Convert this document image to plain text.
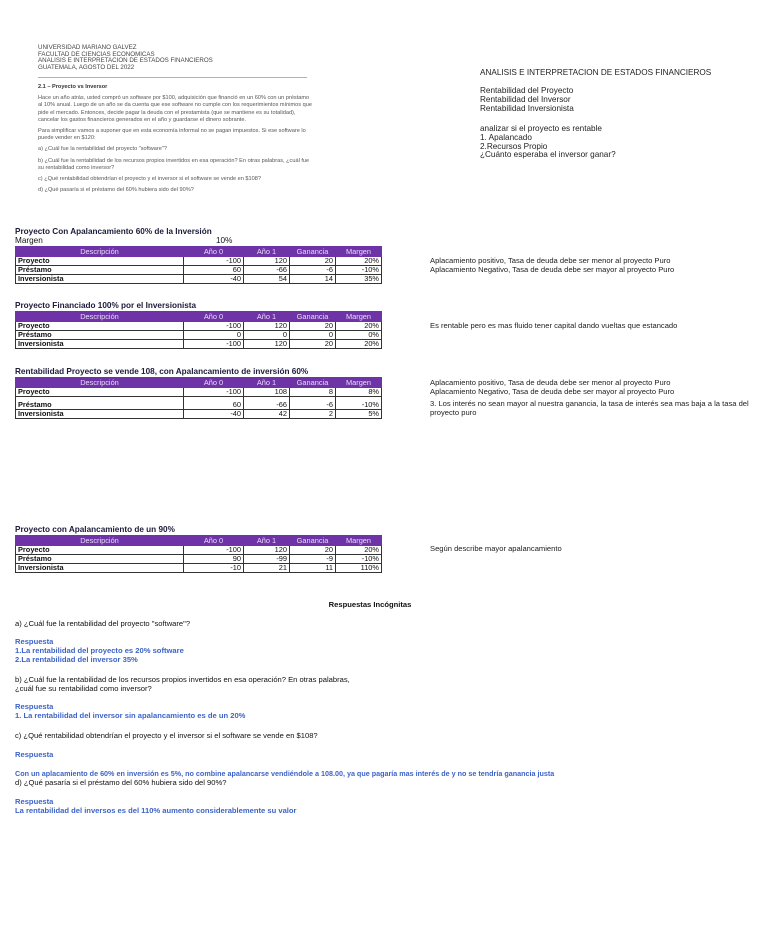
UNIVERSIDAD MARIANO GALVEZ
FACULTAD DE CIENCIAS ECONOMICAS
ANALISIS E INTERPRETACION DE ESTADOS FINANCIEROS
GUATEMALA, AGOSTO DEL 2022

2.1 – Proyecto vs Inversor

Hace un año atrás, usted compró un software por $100, adquisición que financió en un 60% con un préstamo al 10% anual. Luego de un año se da cuenta que ese software no cumple con los requerimientos mínimos que pide el mercado. Entonces, decide pagar la deuda con el prestamista (que se mantiene es su totalidad), cancelar los gastos financieros generados en el año y guardarse el dinero sobrante.

Para simplificar vamos a suponer que en esta economía informal no se pagan impuestos. Si ese software lo puede vender en $120:

a) ¿Cuál fue la rentabilidad del proyecto "software"?

b) ¿Cuál fue la rentabilidad de los recursos propios invertidos en esa operación? En otras palabras, ¿cuál fue su rentabilidad como inversor?

c) ¿Qué rentabilidad obtendrían el proyecto y el inversor si el software se vende en $108?

d) ¿Qué pasaría si el préstamo del 60% hubiera sido del 90%?

ANALISIS E INTERPRETACION DE ESTADOS FINANCIEROS
Rentabilidad del Proyecto
Rentabilidad del Inversor
Rentabilidad Inversionista
analizar si el proyecto es rentable
1. Apalancado
2.Recursos Propio
¿Cuánto esperaba el inversor ganar?
Proyecto Con Apalancamiento 60% de la Inversión
Margen	10%
Descripción	Año 0	Año 1	Ganancia	Margen
Proyecto	-100	120	20	20%
Préstamo	60	-66	-6	-10%
Inversionista	-40	54	14	35%
Aplacamiento positivo, Tasa de deuda debe ser menor al proyecto Puro
Aplacamiento Negativo, Tasa de deuda debe ser mayor al proyecto Puro
Proyecto Financiado 100% por el Inversionista
Descripción	Año 0	Año 1	Ganancia	Margen
Proyecto	-100	120	20	20%
Préstamo	0	0	0	0%
Inversionista	-100	120	20	20%
Es rentable pero es mas fluido tener capital dando vueltas que estancado
Rentabilidad Proyecto se vende 108, con Apalancamiento de inversión 60%
Descripción	Año 0	Año 1	Ganancia	Margen
Proyecto	-100	108	8	8%
Préstamo	60	-66	-6	-10%
Inversionista	-40	42	2	5%
Aplacamiento positivo, Tasa de deuda debe ser menor al proyecto Puro
Aplacamiento Negativo, Tasa de deuda debe ser mayor al proyecto Puro
3. Los interés no sean mayor al nuestra ganancia, la tasa de interés sea mas baja a la tasa del proyecto puro
Proyecto con Apalancamiento de un 90%
Descripción	Año 0	Año 1	Ganancia	Margen
Proyecto	-100	120	20	20%
Préstamo	90	-99	-9	-10%
Inversionista	-10	21	11	110%
Según describe mayor apalancamiento
Respuestas Incógnitas
a) ¿Cuál fue la rentabilidad del proyecto "software"?
Respuesta
1.La rentabilidad del proyecto es 20% software
2.La rentabilidad del inversor 35%
b) ¿Cuál fue la rentabilidad de los recursos propios invertidos en esa operación? En otras palabras,
¿cuál fue su rentabilidad como inversor?
Respuesta
1. La rentabilidad del inversor sin apalancamiento es de un 20%
c) ¿Qué rentabilidad obtendrían el proyecto y el inversor si el software se vende en $108?
Respuesta
Con un aplacamiento de 60% en inversión es 5%, no combine apalancarse vendiéndole a 108.00, ya que pagaría mas interés de y no se tendría ganancia justa
d) ¿Qué pasaría si el préstamo del 60% hubiera sido del 90%?
Respuesta
La rentabilidad del inversos es del 110% aumento considerablemente su valor
